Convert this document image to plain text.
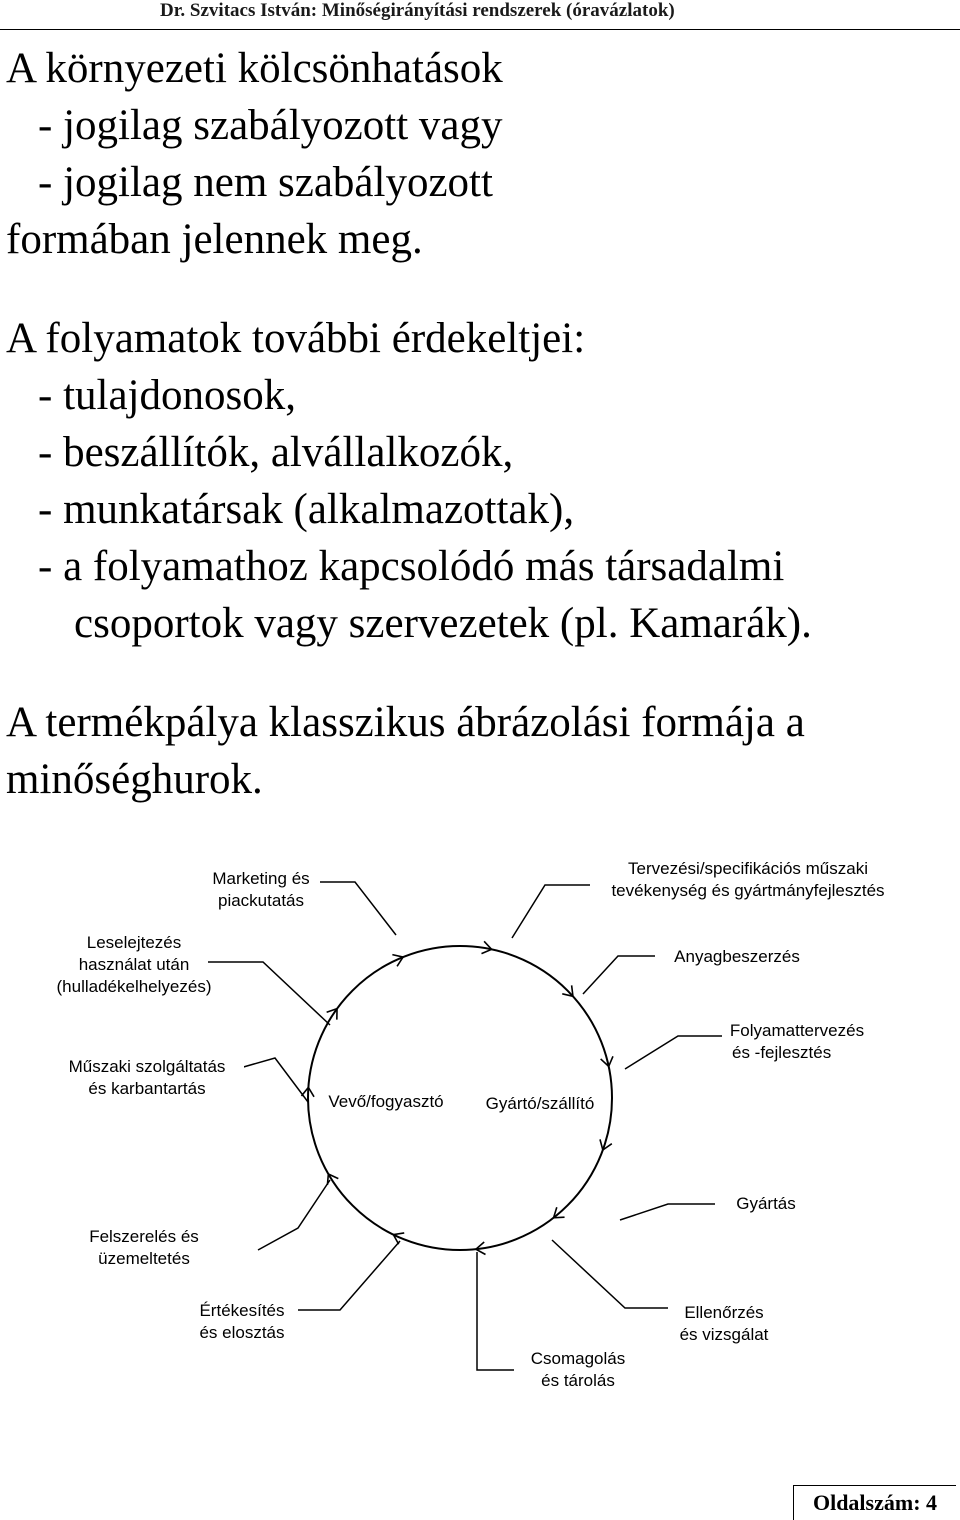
Dr. Szvitacs István: Minőségirányítási rendszerek (óravázlatok)
A környezeti kölcsönhatások
- jogilag szabályozott vagy
- jogilag nem szabályozott
formában jelennek meg.
A folyamatok további érdekeltjei:
- tulajdonosok,
- beszállítók, alvállalkozók,
- munkatársak (alkalmazottak),
- a folyamathoz kapcsolódó más társadalmi
csoportok vagy szervezetek (pl. Kamarák).
A termékpálya klasszikus ábrázolási formája a
minőséghurok.
Marketing és
piackutatás
Tervezési/specifikációs műszaki
tevékenység és gyártmányfejlesztés
Anyagbeszerzés
Folyamattervezés
és -fejlesztés
Gyártás
Ellenőrzés
és vizsgálat
Csomagolás
és tárolás
Értékesítés
és elosztás
Felszerelés és
üzemeltetés
Műszaki szolgáltatás
és karbantartás
Leselejtezés
használat után
(hulladékelhelyezés)
Vevő/fogyasztó	Gyártó/szállító
Oldalszám: 4
